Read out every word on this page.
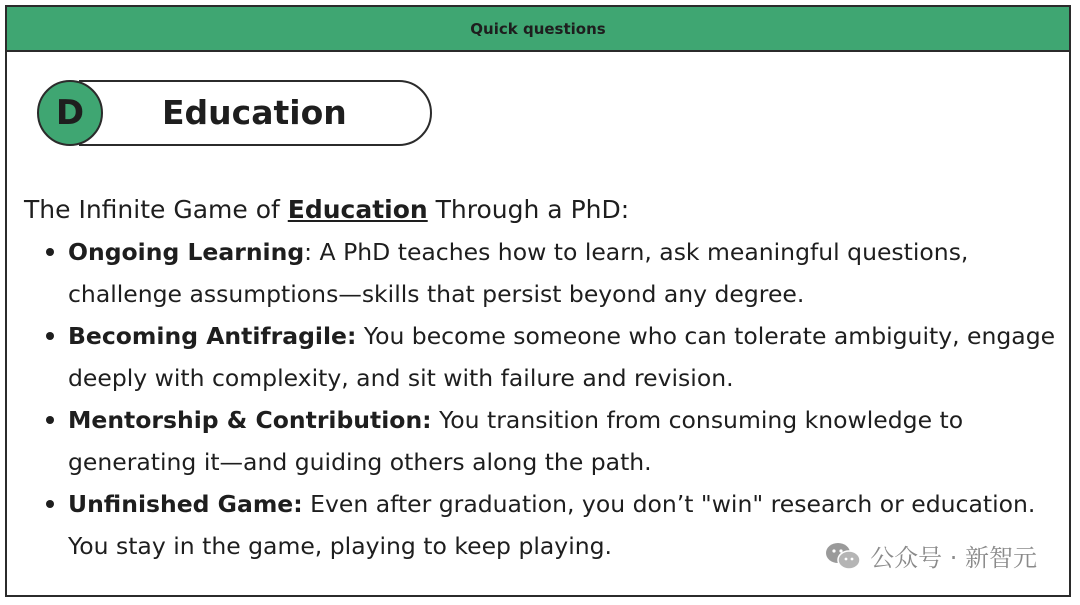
Quick questions
Education
D

The Infinite Game of Education Through a PhD:

Ongoing Learning: A PhD teaches how to learn, ask meaningful questions, challenge assumptions—skills that persist beyond any degree.
Becoming Antifragile: You become someone who can tolerate ambiguity, engage deeply with complexity, and sit with failure and revision.
Mentorship & Contribution: You transition from consuming knowledge to generating it—and guiding others along the path.
Unfinished Game: Even after graduation, you don’t "win" research or education. You stay in the game, playing to keep playing.	公众号 · 新智元
